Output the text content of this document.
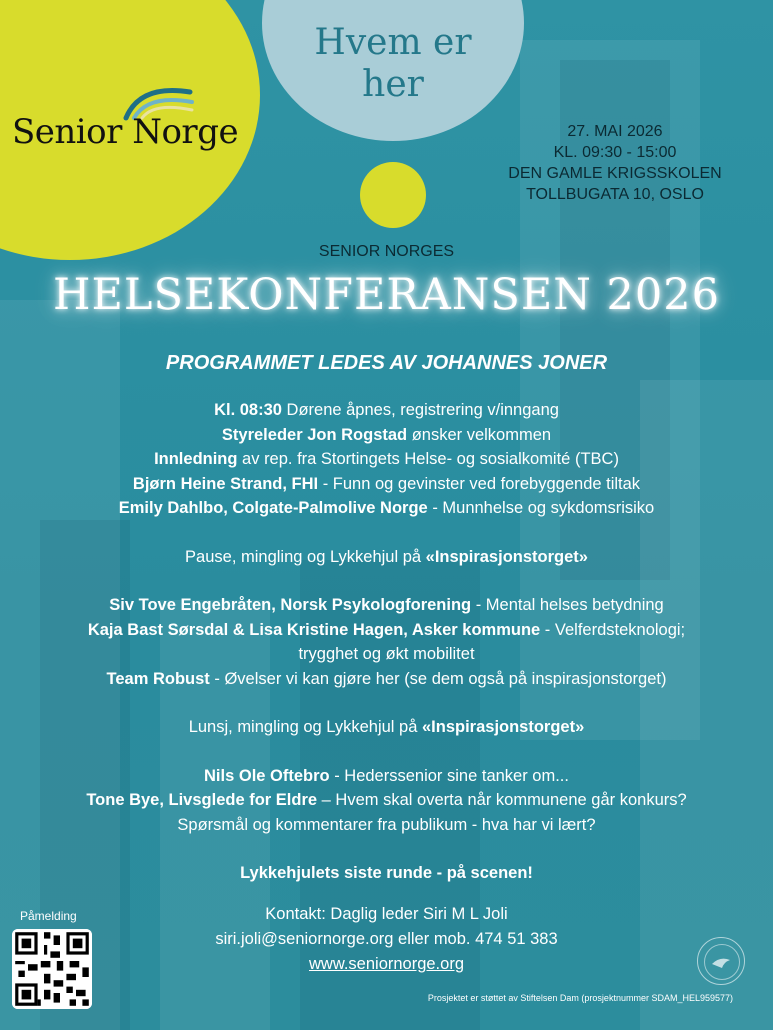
Senior Norge
Hvem er
her
27. MAI 2026
KL. 09:30 - 15:00
DEN GAMLE KRIGSSKOLEN
TOLLBUGATA 10, OSLO
SENIOR NORGES
HELSEKONFERANSEN 2026
PROGRAMMET LEDES AV JOHANNES JONER

Kl. 08:30 Dørene åpnes, registrering v/inngang

Styreleder Jon Rogstad ønsker velkommen

Innledning av rep. fra Stortingets Helse- og sosialkomité (TBC)

Bjørn Heine Strand, FHI - Funn og gevinster ved forebyggende tiltak

Emily Dahlbo, Colgate-Palmolive Norge - Munnhelse og sykdomsrisiko

Pause, mingling og Lykkehjul på «Inspirasjonstorget»

Siv Tove Engebråten, Norsk Psykologforening - Mental helses betydning

Kaja Bast Sørsdal & Lisa Kristine Hagen, Asker kommune - Velferdsteknologi;

trygghet og økt mobilitet

Team Robust - Øvelser vi kan gjøre her (se dem også på inspirasjonstorget)

Lunsj, mingling og Lykkehjul på «Inspirasjonstorget»

Nils Ole Oftebro - Hederssenior sine tanker om...

Tone Bye, Livsglede for Eldre – Hvem skal overta når kommunene går konkurs?

Spørsmål og kommentarer fra publikum - hva har vi lært?

Lykkehjulets siste runde - på scenen!

Påmelding	Kontakt: Daglig leder Siri M L Joli
siri.joli@seniornorge.org eller mob. 474 51 383
www.seniornorge.org
Prosjektet er støttet av Stiftelsen Dam (prosjektnummer SDAM_HEL959577)
